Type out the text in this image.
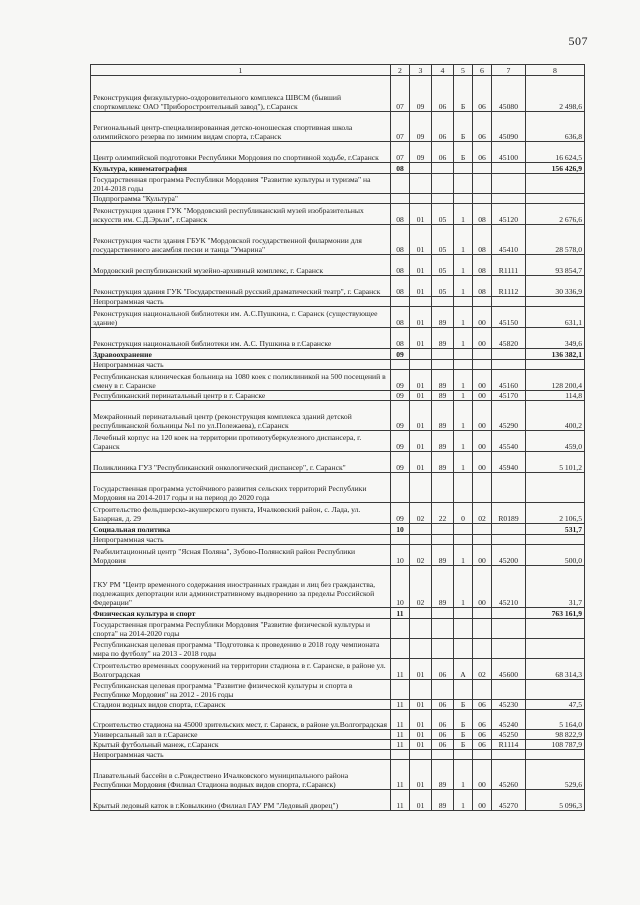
507
1	2	3	4	5	6	7	8
Реконструкция физкультурно-оздоровительного комплекса ШВСМ (бывший спорткомплекс ОАО "Приборостроительный завод"), г.Саранск	07	09	06	Б	06	45080	2 498,6
Региональный центр-специализированная детско-юношеская спортивная школа олимпийского резерва по зимним видам спорта, г.Саранск	07	09	06	Б	06	45090	636,8
Центр олимпийской подготовки Республики Мордовия по спортивной ходьбе, г.Саранск	07	09	06	Б	06	45100	16 624,5
Культура, кинематография	08						156 426,9
Государственная программа Республики Мордовия "Развитие культуры и туризма" на 2014-2018 годы							
Подпрограмма "Культура"							
Реконструкция здания ГУК "Мордовский республиканский музей изобразительных искусств им. С.Д.Эрьзи", г.Саранск	08	01	05	1	08	45120	2 676,6
Реконструкция части здания ГБУК "Мордовской государственной филармонии для государственного ансамбля песни и танца "Умарина"	08	01	05	1	08	45410	28 578,0
Мордовский республиканский музейно-архивный комплекс, г. Саранск	08	01	05	1	08	R1111	93 854,7
Реконструкция здания ГУК "Государственный русский драматический театр", г. Саранск	08	01	05	1	08	R1112	30 336,9
Непрограммная часть							
Реконструкция национальной библиотеки им. А.С.Пушкина, г. Саранск (существующее здание)	08	01	89	1	00	45150	631,1
Реконструкция национальной библиотеки им. А.С. Пушкина в г.Саранске	08	01	89	1	00	45820	349,6
Здравоохранение	09						136 382,1
Непрограммная часть							
Республиканская клиническая больница на 1080 коек с поликлиникой на 500 посещений в смену в г. Саранске	09	01	89	1	00	45160	128 200,4
Республиканский перинатальный центр в г. Саранске	09	01	89	1	00	45170	114,8
Межрайонный перинатальный центр (реконструкция комплекса зданий детской республиканской больницы №1 по ул.Полежаева), г.Саранск	09	01	89	1	00	45290	400,2
Лечебный корпус на 120 коек на территории противотуберкулезного диспансера, г. Саранск	09	01	89	1	00	45540	459,0
Поликлиника ГУЗ "Республиканский онкологический диспансер", г. Саранск"	09	01	89	1	00	45940	5 101,2
Государственная программа устойчивого развития сельских территорий Республики Мордовия на 2014-2017 годы и на период до 2020 года							
Строительство фельдшерско-акушерского пункта, Ичалковский район, с. Лада, ул. Базарная, д. 29	09	02	22	0	02	R0189	2 106,5
Социальная политика	10						531,7
Непрограммная часть							
Реабилитационный центр "Ясная Поляна", Зубово-Полянский район Республики Мордовия	10	02	89	1	00	45200	500,0
ГКУ РМ "Центр временного содержания иностранных граждан и лиц без гражданства, подлежащих депортации или административному выдворению за пределы Российской Федерации"	10	02	89	1	00	45210	31,7
Физическая культура и спорт	11						763 161,9
Государственная программа Республики Мордовия "Развитие физической культуры и спорта" на 2014-2020 годы							
Республиканская целевая программа "Подготовка к проведению в 2018 году чемпионата мира по футболу" на 2013 - 2018 годы							
Строительство временных сооружений на территории стадиона в г. Саранске, в районе ул. Волгоградская	11	01	06	А	02	45600	68 314,3
Республиканская целевая программа "Развитие физической культуры и спорта в Республике Мордовия" на 2012 - 2016 годы							
Стадион водных видов спорта, г.Саранск	11	01	06	Б	06	45230	47,5
Строительство стадиона на 45000 зрительских мест, г. Саранск, в районе ул.Волгоградская	11	01	06	Б	06	45240	5 164,0
Универсальный зал в г.Саранске	11	01	06	Б	06	45250	98 822,9
Крытый футбольный манеж, г.Саранск	11	01	06	Б	06	R1114	108 787,9
Непрограммная часть							
Плавательный бассейн в с.Рождествено Ичалковского муниципального района Республики Мордовия (Филиал Стадиона водных видов спорта, г.Саранск)	11	01	89	1	00	45260	529,6
Крытый ледовый каток в г.Ковылкино (Филиал ГАУ РМ "Ледовый дворец")	11	01	89	1	00	45270	5 096,3
